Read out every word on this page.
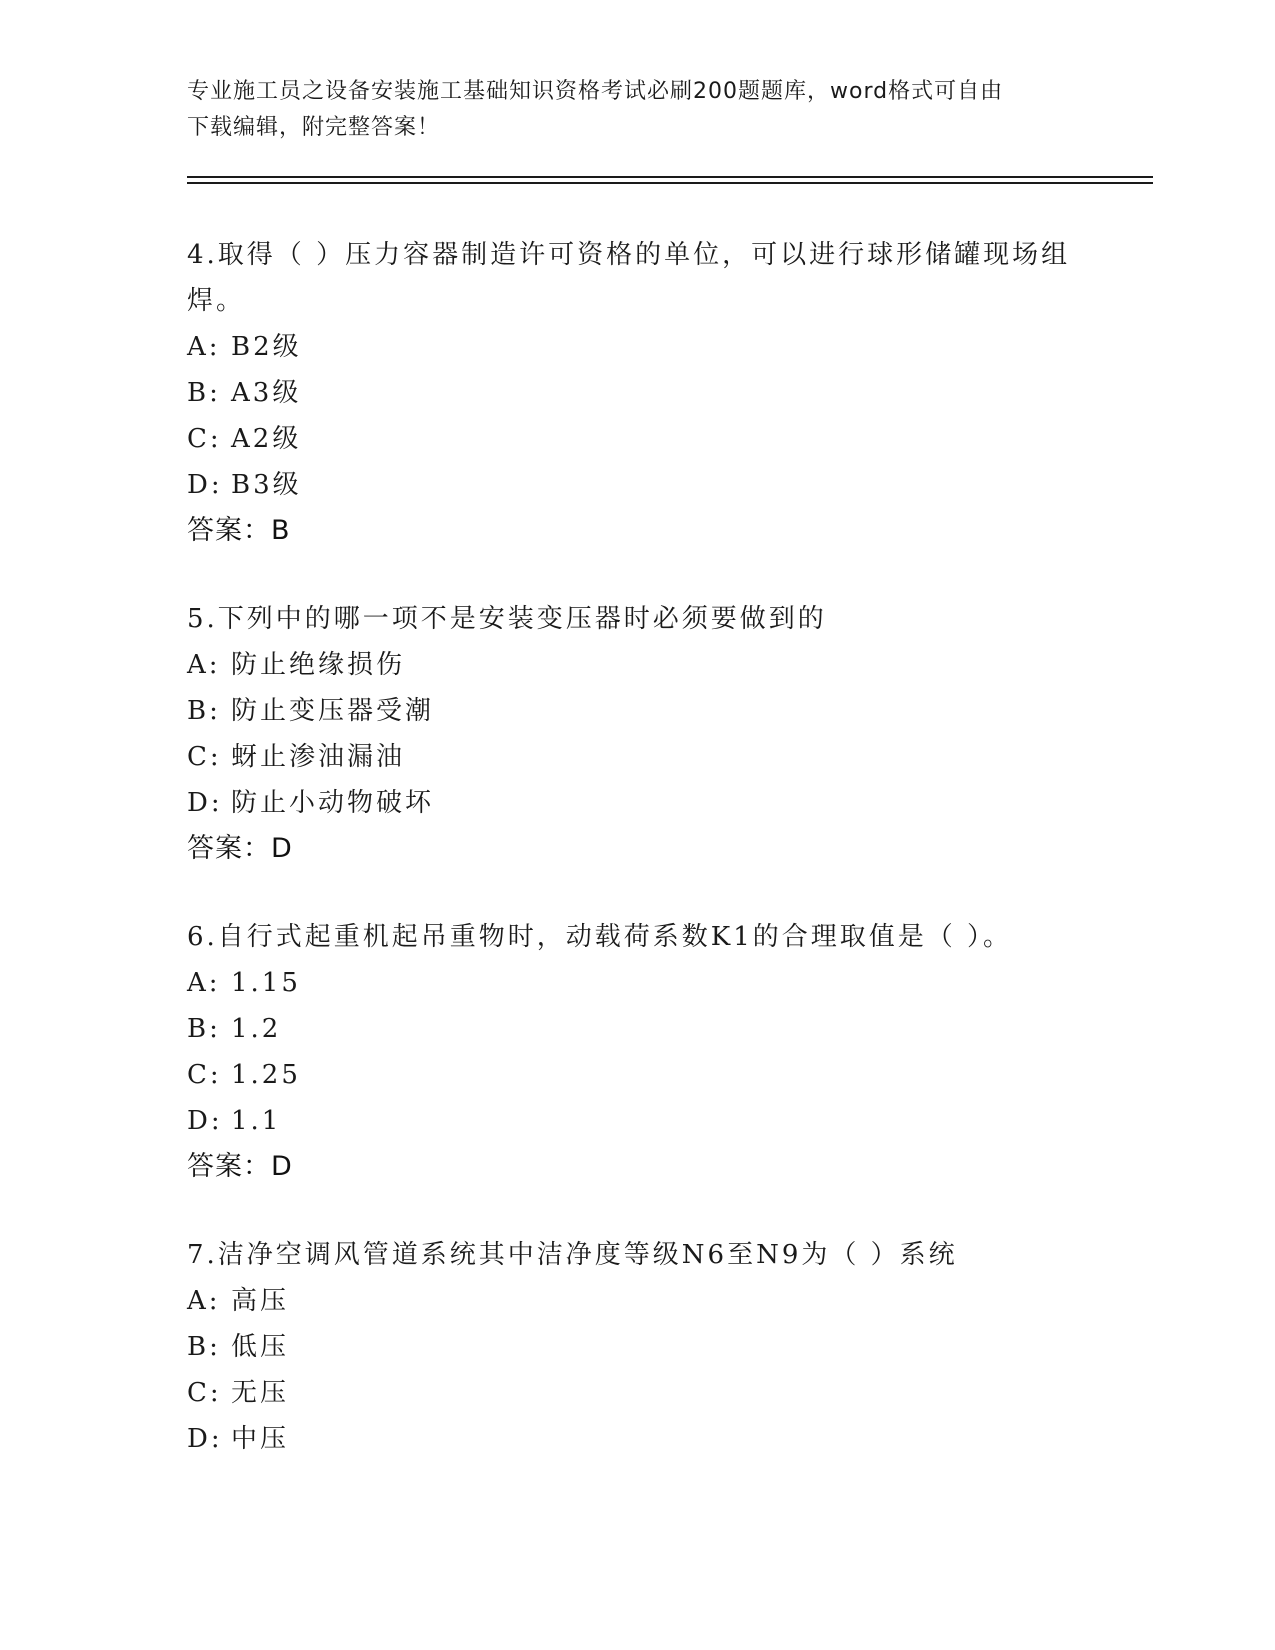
专业施工员之设备安装施工基础知识资格考试必刷200题题库，word格式可自由
下载编辑，附完整答案！

4.取得（ ）压力容器制造许可资格的单位，可以进行球形储罐现场组焊。

A: B2级

B: A3级

C: A2级

D: B3级

答案：B

5.下列中的哪一项不是安装变压器时必须要做到的

A: 防止绝缘损伤

B: 防止变压器受潮

C: 蚜止渗油漏油

D: 防止小动物破坏

答案：D

6.自行式起重机起吊重物时，动载荷系数K1的合理取值是（ ）。

A: 1.15

B: 1.2

C: 1.25

D: 1.1

答案：D

7.洁净空调风管道系统其中洁净度等级N6至N9为（ ）系统

A: 高压

B: 低压

C: 无压

D: 中压
